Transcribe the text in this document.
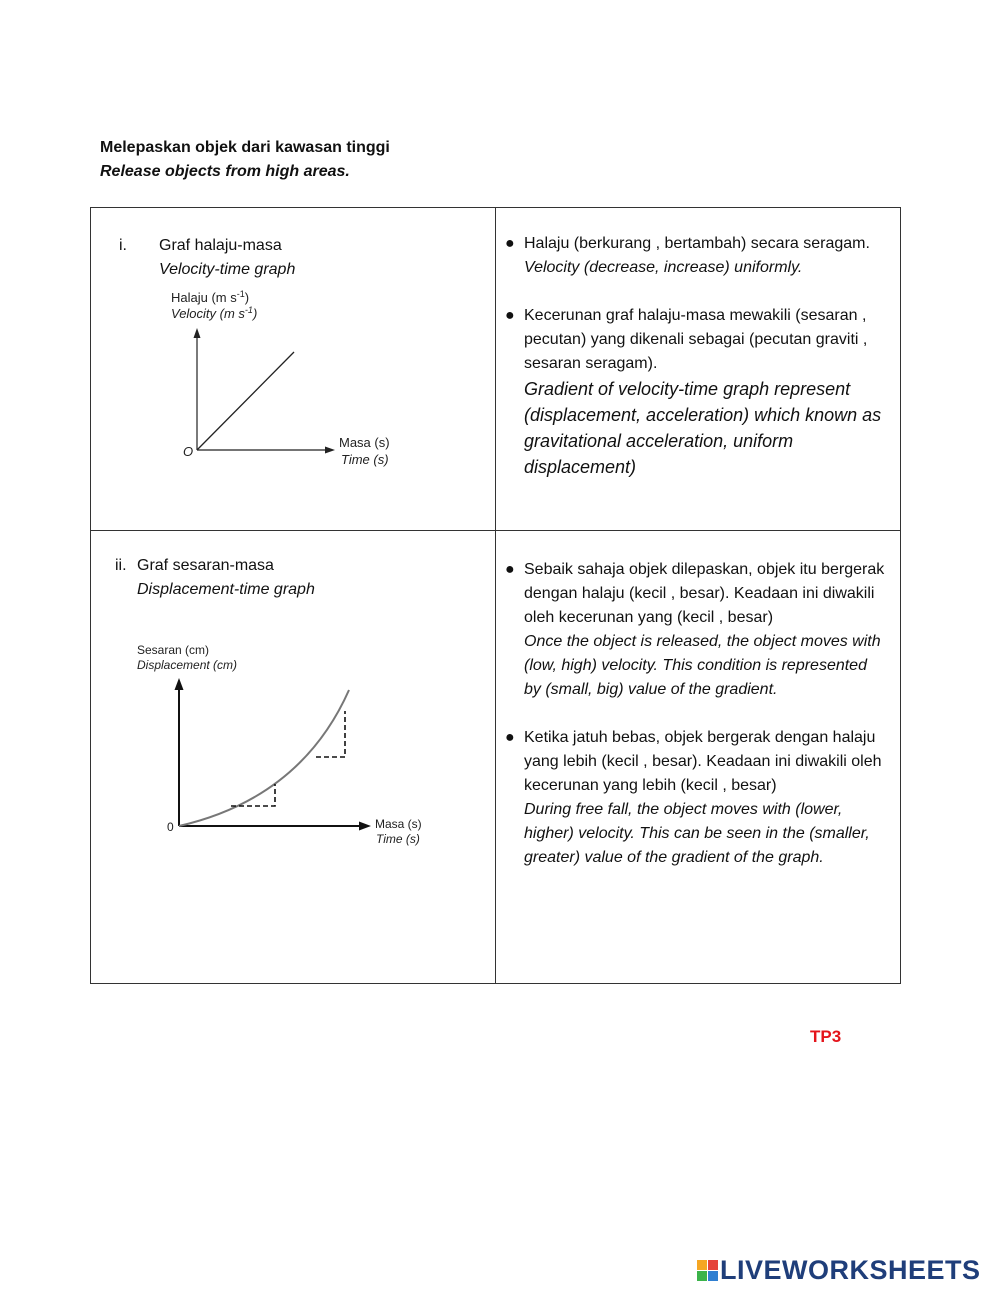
Melepaskan objek dari kawasan tinggi
Release objects from high areas.
i. Graf halaju-masa
Velocity-time graph
Halaju (m $s^{-1}$)
Velocity (m $s^{-1}$)
O
Masa (s)
Time (s)
● Halaju (berkurang , bertambah) secara seragam.
Velocity (decrease, increase) uniformly.
● Kecerunan graf halaju-masa mewakili (sesaran , pecutan) yang dikenali sebagai (pecutan graviti , sesaran seragam).
Gradient of velocity-time graph represent (displacement, acceleration) which known as gravitational acceleration, uniform displacement)
ii. Graf sesaran-masa
Displacement-time graph
Sesaran (cm)
Displacement (cm)
0	Masa (s)
Time (s)
● Sebaik sahaja objek dilepaskan, objek itu bergerak dengan halaju (kecil , besar). Keadaan ini diwakili oleh kecerunan yang (kecil , besar)
Once the object is released, the object moves with (low, high) velocity. This condition is represented by (small, big) value of the gradient.
● Ketika jatuh bebas, objek bergerak dengan halaju yang lebih (kecil , besar). Keadaan ini diwakili oleh kecerunan yang lebih (kecil , besar)
During free fall, the object moves with (lower, higher) velocity. This can be seen in the (smaller, greater) value of the gradient of the graph.
TP3
LIVEWORKSHEETS
